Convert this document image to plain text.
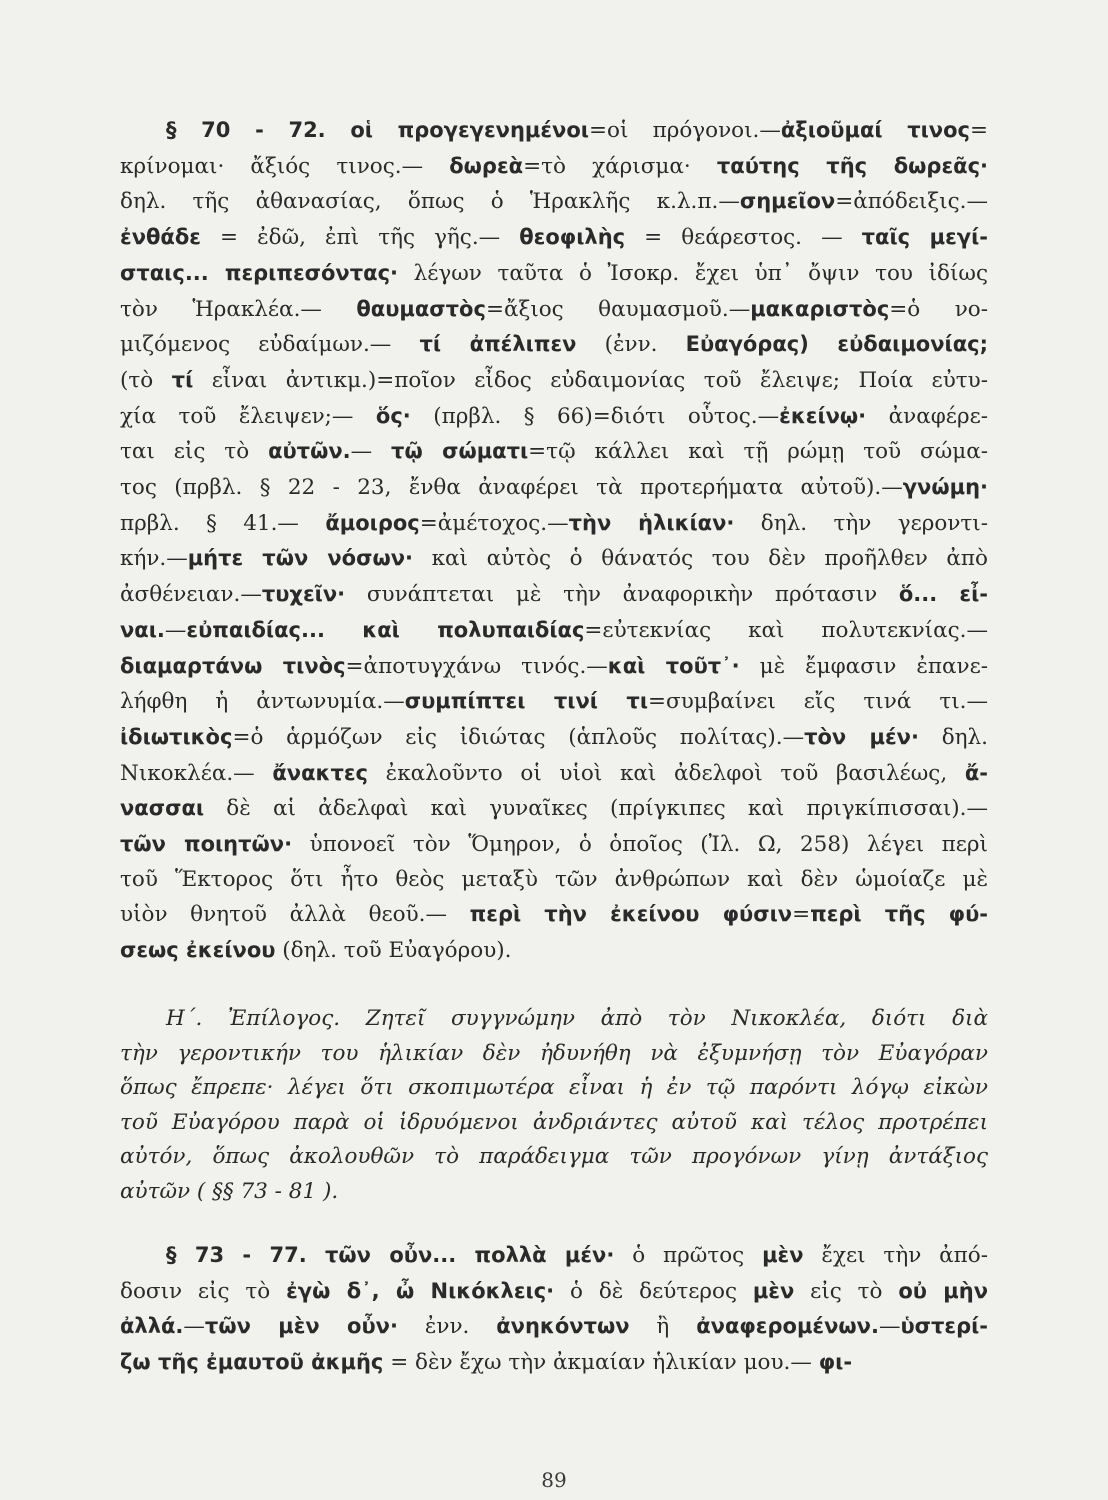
§ 70 - 72. οἱ προγεγενημένοι=οἱ πρόγονοι.—ἀξιοῦμαί τινος=
κρίνομαι· ἄξιός τινος.— δωρεὰ=τὸ χάρισμα· ταύτης τῆς δωρεᾶς·
δηλ. τῆς ἀθανασίας, ὅπως ὁ Ἡρακλῆς κ.λ.π.—σημεῖον=ἀπόδειξις.—
ἐνθάδε = ἐδῶ, ἐπὶ τῆς γῆς.— θεοφιλὴς = θεάρεστος. — ταῖς μεγί-
σταις... περιπεσόντας· λέγων ταῦτα ὁ Ἰσοκρ. ἔχει ὑπ᾽ ὄψιν του ἰδίως
τὸν Ἡρακλέα.— θαυμαστὸς=ἄξιος θαυμασμοῦ.—μακαριστὸς=ὁ νο-
μιζόμενος εὐδαίμων.— τί ἀπέλιπεν (ἐνν. Εὐαγόρας) εὐδαιμονίας;
(τὸ τί εἶναι ἀντικμ.)=ποῖον εἶδος εὐδαιμονίας τοῦ ἔλειψε; Ποία εὐτυ-
χία τοῦ ἔλειψεν;— ὅς· (πρβλ. § 66)=διότι οὗτος.—ἐκείνῳ· ἀναφέρε-
ται εἰς τὸ αὐτῶν.— τῷ σώματι=τῷ κάλλει καὶ τῇ ρώμῃ τοῦ σώμα-
τος (πρβλ. § 22 - 23, ἔνθα ἀναφέρει τὰ προτερήματα αὐτοῦ).—γνώμη·
πρβλ. § 41.— ἄμοιρος=ἀμέτοχος.—τὴν ἡλικίαν· δηλ. τὴν γεροντι-
κήν.—μήτε τῶν νόσων· καὶ αὐτὸς ὁ θάνατός του δὲν προῆλθεν ἀπὸ
ἀσθένειαν.—τυχεῖν· συνάπτεται μὲ τὴν ἀναφορικὴν πρότασιν ὅ... εἶ-
ναι.—εὐπαιδίας... καὶ πολυπαιδίας=εὐτεκνίας καὶ πολυτεκνίας.—
διαμαρτάνω τινὸς=ἀποτυγχάνω τινός.—καὶ τοῦτ᾽· μὲ ἔμφασιν ἐπανε-
λήφθη ἡ ἀντωνυμία.—συμπίπτει τινί τι=συμβαίνει εἴς τινά τι.—
ἰδιωτικὸς=ὁ ἁρμόζων εἰς ἰδιώτας (ἁπλοῦς πολίτας).—τὸν μέν· δηλ.
Νικοκλέα.— ἄνακτες ἐκαλοῦντο οἱ υἱοὶ καὶ ἀδελφοὶ τοῦ βασιλέως, ἄ-
νασσαι δὲ αἱ ἀδελφαὶ καὶ γυναῖκες (πρίγκιπες καὶ πριγκίπισσαι).—
τῶν ποιητῶν· ὑπονοεῖ τὸν Ὅμηρον, ὁ ὁποῖος (Ἰλ. Ω, 258) λέγει περὶ
τοῦ Ἕκτορος ὅτι ἦτο θεὸς μεταξὺ τῶν ἀνθρώπων καὶ δὲν ὡμοίαζε μὲ
υἱὸν θνητοῦ ἀλλὰ θεοῦ.— περὶ τὴν ἐκείνου φύσιν=περὶ τῆς φύ-
σεως ἐκείνου (δηλ. τοῦ Εὐαγόρου).
Η΄. Ἐπίλογος. Ζητεῖ συγγνώμην ἀπὸ τὸν Νικοκλέα, διότι διὰ
τὴν γεροντικήν του ἡλικίαν δὲν ἠδυνήθη νὰ ἐξυμνήσῃ τὸν Εὐαγόραν
ὅπως ἔπρεπε· λέγει ὅτι σκοπιμωτέρα εἶναι ἡ ἐν τῷ παρόντι λόγῳ εἰκὼν
τοῦ Εὐαγόρου παρὰ οἱ ἱδρυόμενοι ἀνδριάντες αὐτοῦ καὶ τέλος προτρέπει
αὐτόν, ὅπως ἀκολουθῶν τὸ παράδειγμα τῶν προγόνων γίνῃ ἀντάξιος
αὐτῶν ( §§ 73 - 81 ).
§ 73 - 77. τῶν οὖν... πολλὰ μέν· ὁ πρῶτος μὲν ἔχει τὴν ἀπό-
δοσιν εἰς τὸ ἐγὼ δ᾽, ὦ Νικόκλεις· ὁ δὲ δεύτερος μὲν εἰς τὸ οὐ μὴν
ἀλλά.—τῶν μὲν οὖν· ἐνν. ἀνηκόντων ἢ ἀναφερομένων.—ὑστερί-
ζω τῆς ἐμαυτοῦ ἀκμῆς = δὲν ἔχω τὴν ἀκμαίαν ἡλικίαν μου.— φι-
89
